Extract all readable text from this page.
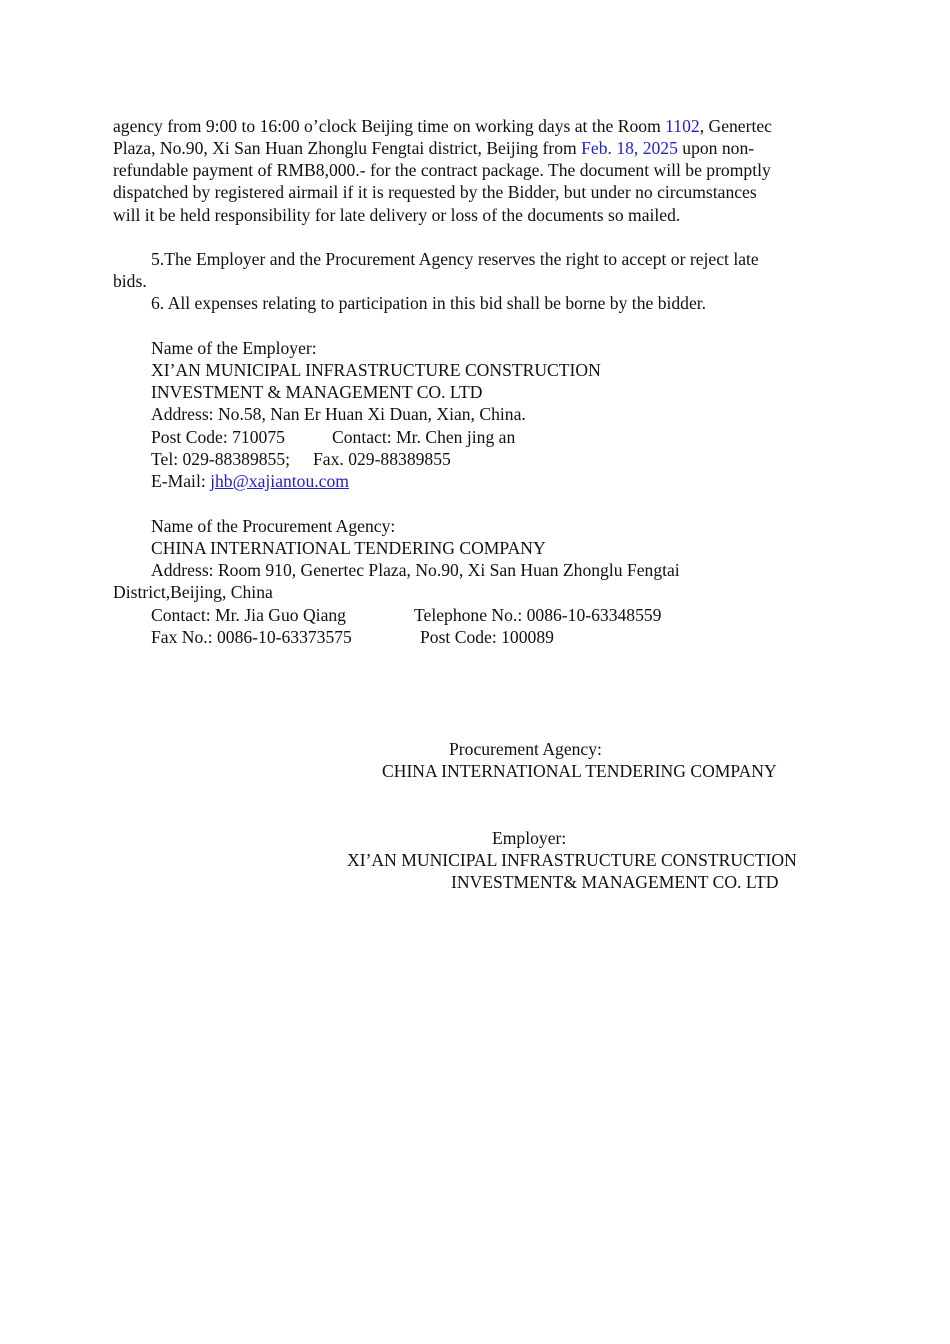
agency from 9:00 to 16:00 o’clock Beijing time on working days at the Room 1102, Genertec
Plaza, No.90, Xi San Huan Zhonglu Fengtai district, Beijing from Feb. 18, 2025 upon non-
refundable payment of RMB8,000.- for the contract package. The document will be promptly
dispatched by registered airmail if it is requested by the Bidder, but under no circumstances
will it be held responsibility for late delivery or loss of the documents so mailed.
5.The Employer and the Procurement Agency reserves the right to accept or reject late
bids.
6. All expenses relating to participation in this bid shall be borne by the bidder.
Name of the Employer:
XI’AN MUNICIPAL INFRASTRUCTURE CONSTRUCTION
INVESTMENT & MANAGEMENT CO. LTD
Address: No.58, Nan Er Huan Xi Duan, Xian, China.
Post Code: 710075	Contact: Mr. Chen jing an
Tel: 029-88389855; Fax. 029-88389855
E-Mail: jhb@xajiantou.com
Name of the Procurement Agency:
CHINA INTERNATIONAL TENDERING COMPANY
Address: Room 910, Genertec Plaza, No.90, Xi San Huan Zhonglu Fengtai
District,Beijing, China
Contact: Mr. Jia Guo Qiang	Telephone No.: 0086-10-63348559
Fax No.: 0086-10-63373575	Post Code: 100089
Procurement Agency:
CHINA INTERNATIONAL TENDERING COMPANY
Employer:
XI’AN MUNICIPAL INFRASTRUCTURE CONSTRUCTION
INVESTMENT& MANAGEMENT CO. LTD
